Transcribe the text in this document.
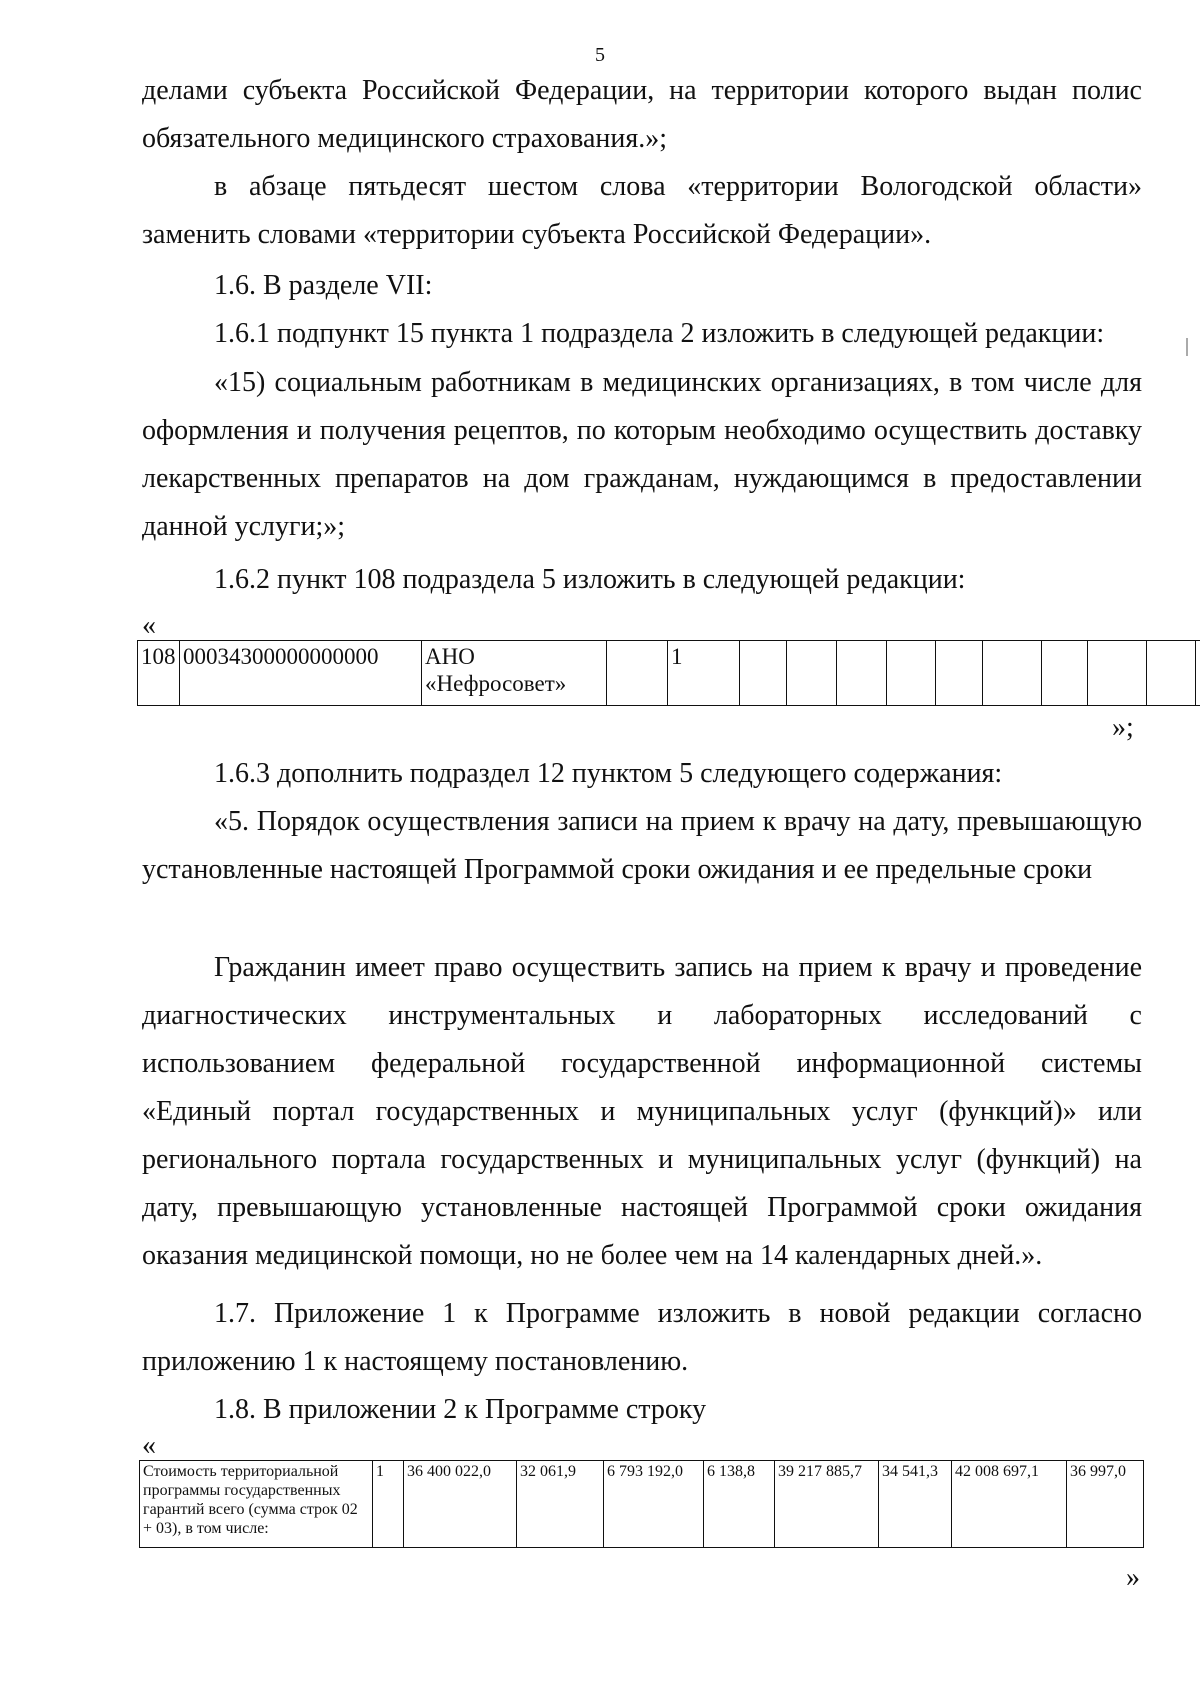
5

делами субъекта Российской Федерации, на территории которого выдан полис обязательного медицинского страхования.»;

в абзаце пятьдесят шестом слова «территории Вологодской области» заменить словами «территории субъекта Российской Федерации».

1.6. В разделе VII:

1.6.1 подпункт 15 пункта 1 подраздела 2 изложить в следующей редакции:

«15) социальным работникам в медицинских организациях, в том числе для оформления и получения рецептов, по которым необходимо осуществить доставку лекарственных препаратов на дом гражданам, нуждающимся в предоставлении данной услуги;»;

1.6.2 пункт 108 подраздела 5 изложить в следующей редакции:

«
108	00034300000000000	АНО «Нефросовет»		1										
»;

1.6.3 дополнить подраздел 12 пунктом 5 следующего содержания:

«5. Порядок осуществления записи на прием к врачу на дату, превышающую установленные настоящей Программой сроки ожидания и ее предельные сроки

Гражданин имеет право осуществить запись на прием к врачу и проведение диагностических инструментальных и лабораторных исследований с использованием федеральной государственной информационной системы «Единый портал государственных и муниципальных услуг (функций)» или регионального портала государственных и муниципальных услуг (функций) на дату, превышающую установленные настоящей Программой сроки ожидания оказания медицинской помощи, но не более чем на 14 календарных дней.».

1.7. Приложение 1 к Программе изложить в новой редакции согласно приложению 1 к настоящему постановлению.

1.8. В приложении 2 к Программе строку

«
Стоимость территориальной программы государственных гарантий всего (сумма строк 02 + 03), в том числе:	1	36 400 022,0	32 061,9	6 793 192,0	6 138,8	39 217 885,7	34 541,3	42 008 697,1	36 997,0
»
